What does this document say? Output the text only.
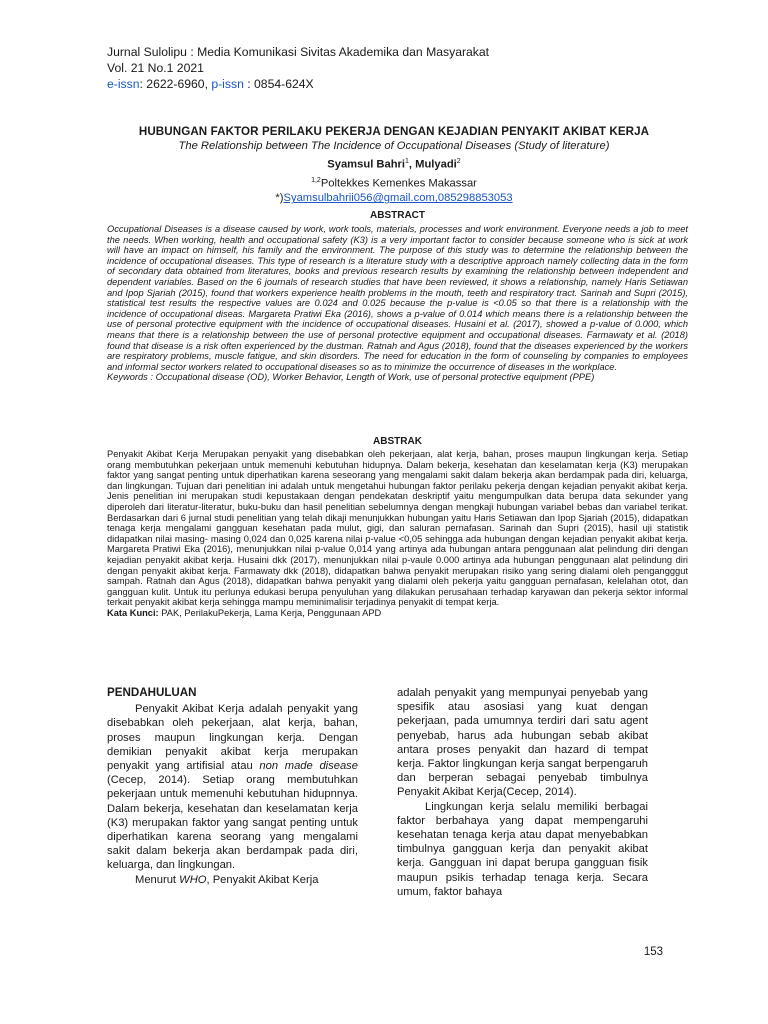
Jurnal Sulolipu : Media Komunikasi Sivitas Akademika dan Masyarakat
Vol. 21 No.1 2021
e-issn: 2622-6960, p-issn : 0854-624X
HUBUNGAN FAKTOR PERILAKU PEKERJA DENGAN KEJADIAN PENYAKIT AKIBAT KERJA
The Relationship between The Incidence of Occupational Diseases (Study of literature)
Syamsul Bahri$^1$, Mulyadi$^2$
$^{1,2}$Poltekkes Kemenkes Makassar
*)Syamsulbahrii056@gmail.com,085298853053
ABSTRACT
Occupational Diseases is a disease caused by work, work tools, materials, processes and work environment. Everyone needs a job to meet the needs. When working, health and occupational safety (K3) is a very important factor to consider because someone who is sick at work will have an impact on himself, his family and the environment. The purpose of this study was to determine the relationship between the incidence of occupational diseases. This type of research is a literature study with a descriptive approach namely collecting data in the form of secondary data obtained from literatures, books and previous research results by examining the relationship between independent and dependent variables. Based on the 6 journals of research studies that have been reviewed, it shows a relationship, namely Haris Setiawan and Ipop Sjariah (2015), found that workers experience health problems in the mouth, teeth and respiratory tract. Sarinah and Supri (2015), statistical test results the respective values are 0.024 and 0.025 because the p-value is <0.05 so that there is a relationship with the incidence of occupational diseas. Margareta Pratiwi Eka (2016), shows a p-value of 0.014 which means there is a relationship between the use of personal protective equipment with the incidence of occupational diseases. Husaini et al. (2017), showed a p-value of 0.000, which means that there is a relationship between the use of personal protective equipment and occupational diseases. Farmawaty et al. (2018) found that disease is a risk often experienced by the dustman. Ratnah and Agus (2018), found that the diseases experienced by the workers are respiratory problems, muscle fatigue, and skin disorders. The need for education in the form of counseling by companies to employees and informal sector workers related to occupational diseases so as to minimize the occurrence of diseases in the workplace.
Keywords : Occupational disease (OD), Worker Behavior, Length of Work, use of personal protective equipment (PPE)
ABSTRAK
Penyakit Akibat Kerja Merupakan penyakit yang disebabkan oleh pekerjaan, alat kerja, bahan, proses maupun lingkungan kerja. Setiap orang membutuhkan pekerjaan untuk memenuhi kebutuhan hidupnya. Dalam bekerja, kesehatan dan keselamatan kerja (K3) merupakan faktor yang sangat penting untuk diperhatikan karena seseorang yang mengalami sakit dalam bekerja akan berdampak pada diri, keluarga, dan lingkungan. Tujuan dari penelitian ini adalah untuk mengetahui hubungan faktor perilaku pekerja dengan kejadian penyakit akibat kerja. Jenis penelitian ini merupakan studi kepustakaan dengan pendekatan deskriptif yaitu mengumpulkan data berupa data sekunder yang diperoleh dari literatur-literatur, buku-buku dan hasil penelitian sebelumnya dengan mengkaji hubungan variabel bebas dan variabel terikat. Berdasarkan dari 6 jurnal studi penelitian yang telah dikaji menunjukkan hubungan yaitu Haris Setiawan dan Ipop Sjariah (2015), didapatkan tenaga kerja mengalami gangguan kesehatan pada mulut, gigi, dan saluran pernafasan. Sarinah dan Supri (2015), hasil uji statistik didapatkan nilai masing- masing 0,024 dan 0,025 karena nilai p-value <0,05 sehingga ada hubungan dengan kejadian penyakit akibat kerja. Margareta Pratiwi Eka (2016), menunjukkan nilai p-value 0,014 yang artinya ada hubungan antara penggunaan alat pelindung diri dengan kejadian penyakit akibat kerja. Husaini dkk (2017), menunjukkan nilai p-vaule 0.000 artinya ada hubungan penggunaan alat pelindung diri dengan penyakit akibat kerja. Farmawaty dkk (2018), didapatkan bahwa penyakit merupakan risiko yang sering dialami oleh pengangggut sampah. Ratnah dan Agus (2018), didapatkan bahwa penyakit yang dialami oleh pekerja yaitu gangguan pernafasan, kelelahan otot, dan gangguan kulit. Untuk itu perlunya edukasi berupa penyuluhan yang dilakukan perusahaan terhadap karyawan dan pekerja sektor informal terkait penyakit akibat kerja sehingga mampu meminimalisir terjadinya penyakit di tempat kerja.
Kata Kunci: PAK, PerilakuPekerja, Lama Kerja, Penggunaan APD
PENDAHULUAN

Penyakit Akibat Kerja adalah penyakit yang disebabkan oleh pekerjaan, alat kerja, bahan, proses maupun lingkungan kerja. Dengan demikian penyakit akibat kerja merupakan penyakit yang artifisial atau non made disease (Cecep, 2014). Setiap orang membutuhkan pekerjaan untuk memenuhi kebutuhan hidupnnya. Dalam bekerja, kesehatan dan keselamatan kerja (K3) merupakan faktor yang sangat penting untuk diperhatikan karena seorang yang mengalami sakit dalam bekerja akan berdampak pada diri, keluarga, dan lingkungan.

Menurut WHO, Penyakit Akibat Kerja

adalah penyakit yang mempunyai penyebab yang spesifik atau asosiasi yang kuat dengan pekerjaan, pada umumnya terdiri dari satu agent penyebab, harus ada hubungan sebab akibat antara proses penyakit dan hazard di tempat kerja. Faktor lingkungan kerja sangat berpengaruh dan berperan sebagai penyebab timbulnya Penyakit Akibat Kerja(Cecep, 2014).

Lingkungan kerja selalu memiliki berbagai faktor berbahaya yang dapat mempengaruhi kesehatan tenaga kerja atau dapat menyebabkan timbulnya gangguan kerja dan penyakit akibat kerja. Gangguan ini dapat berupa gangguan fisik maupun psikis terhadap tenaga kerja. Secara umum, faktor bahaya

153
